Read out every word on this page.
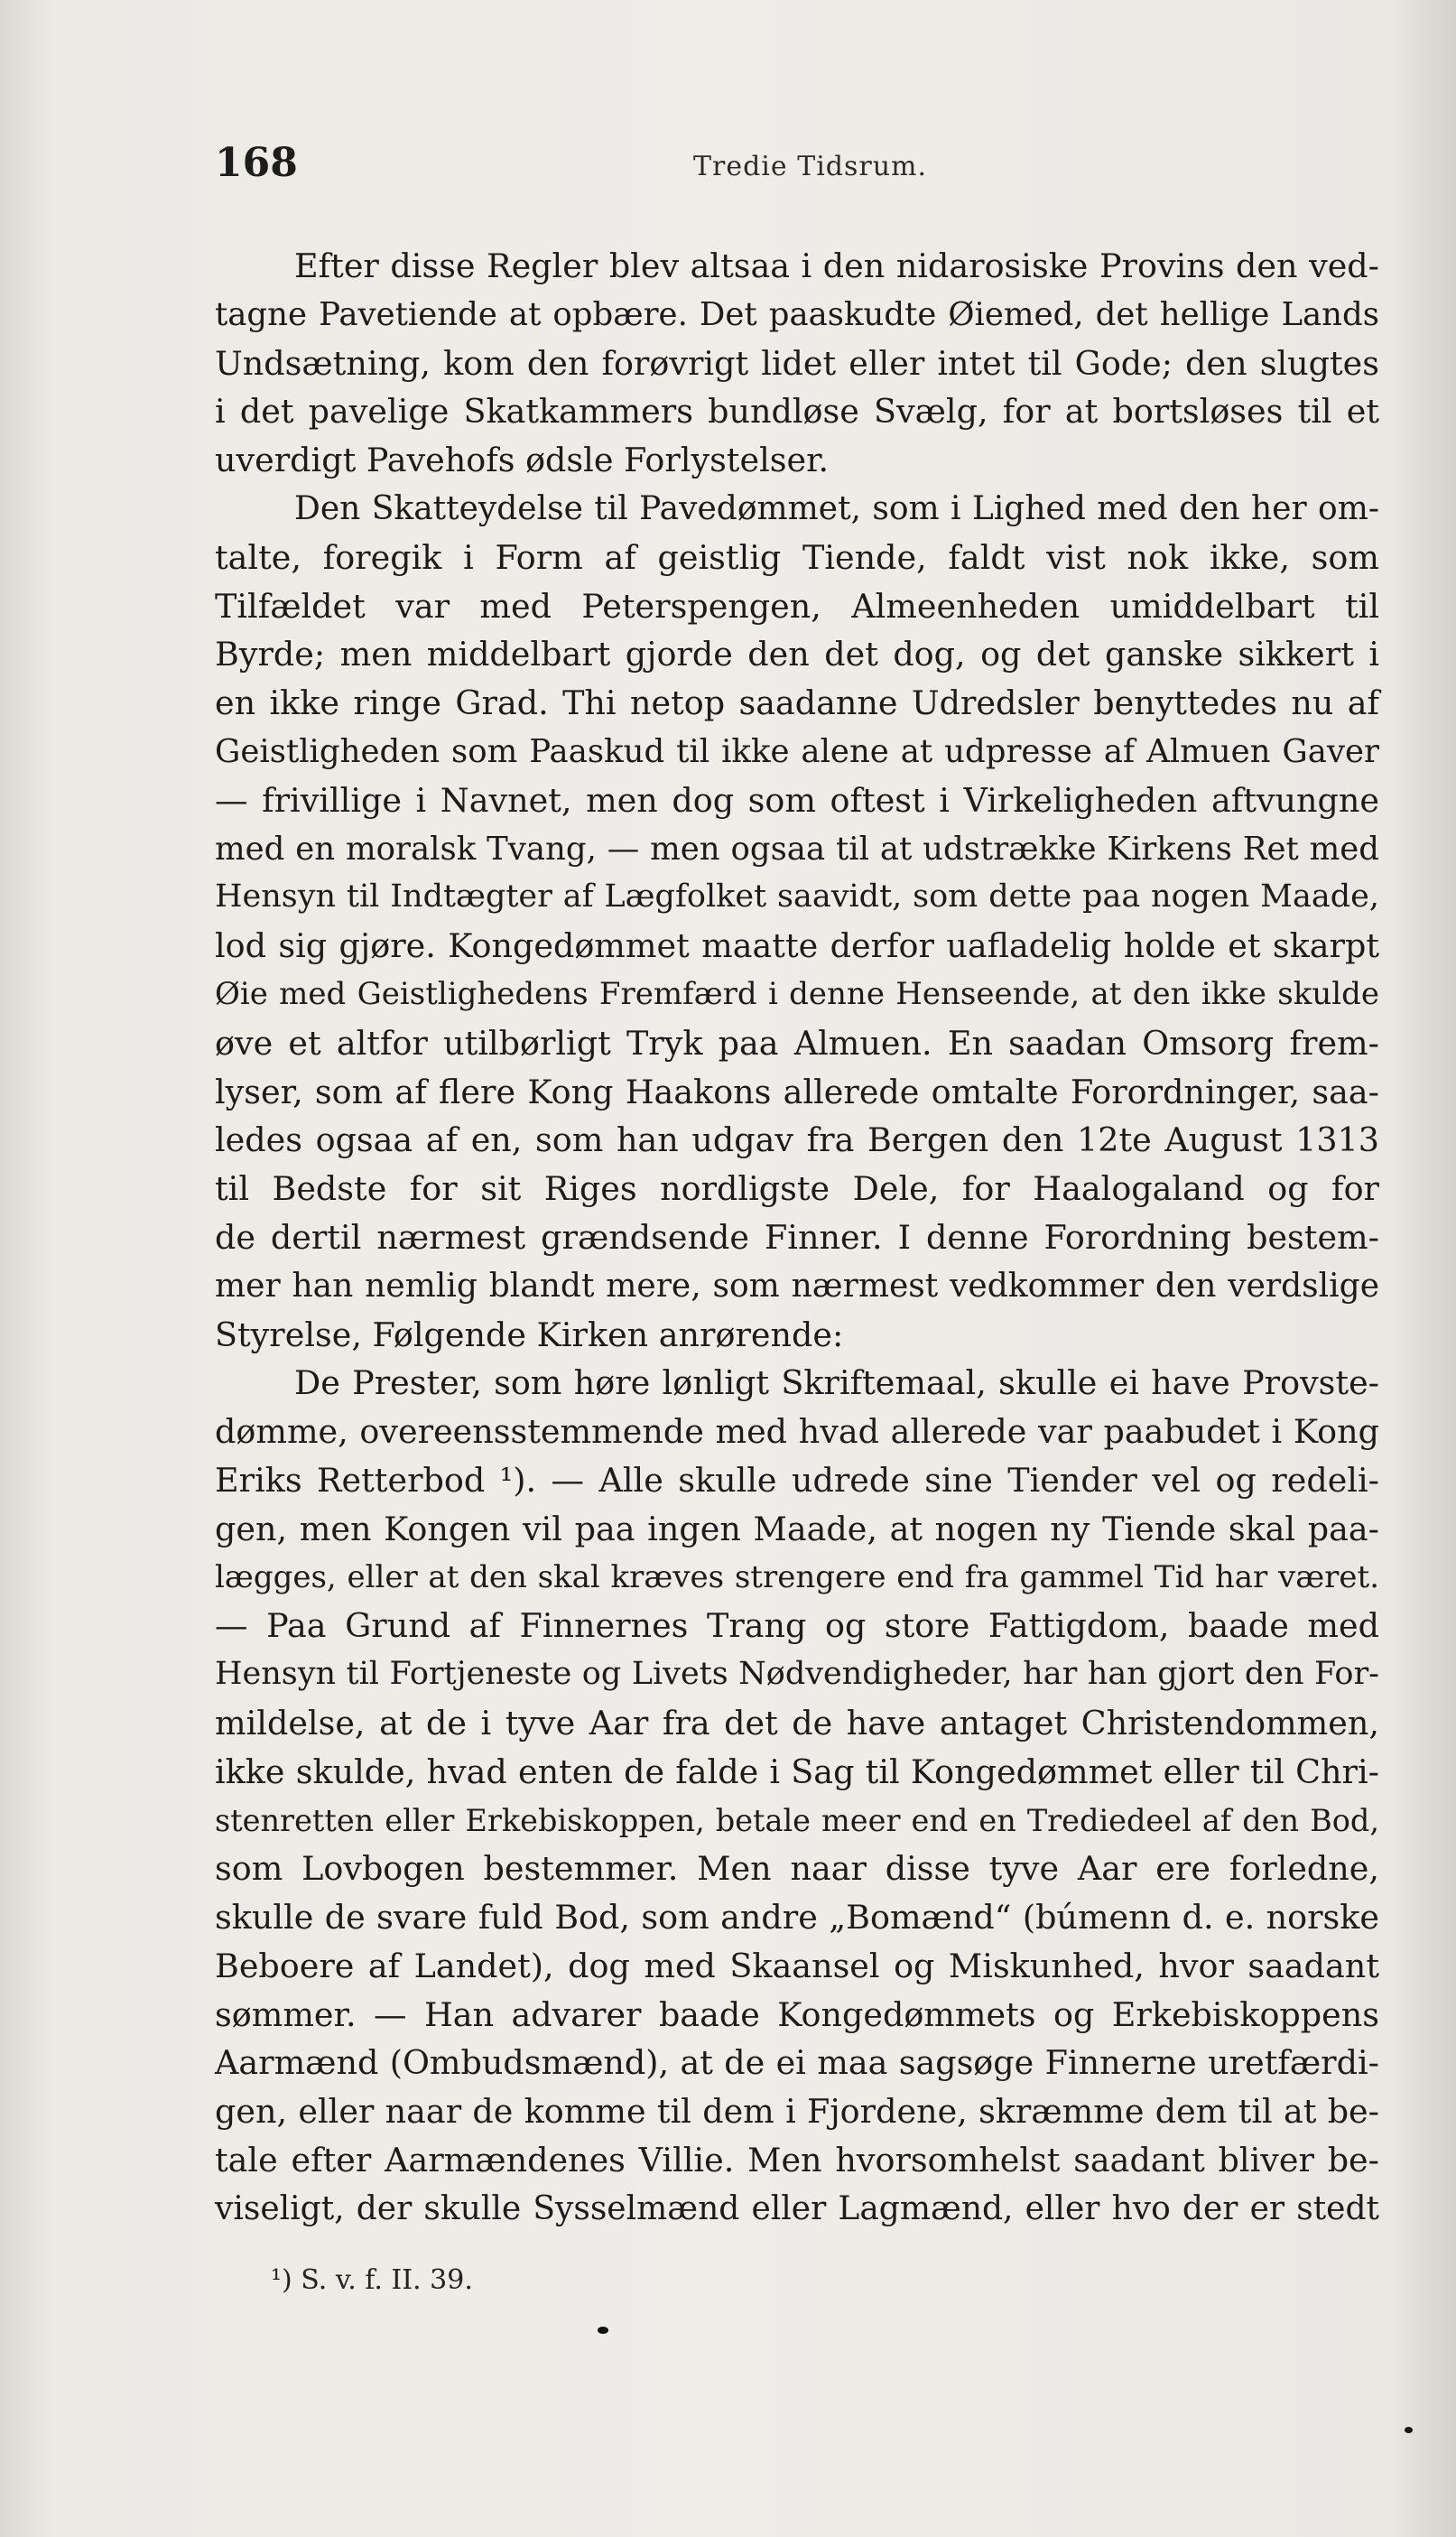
168	Tredie Tidsrum.
Efter disse Regler blev altsaa i den nidarosiske Provins den ved-
tagne Pavetiende at opbære. Det paaskudte Øiemed, det hellige Lands
Undsætning, kom den forøvrigt lidet eller intet til Gode; den slugtes
i det pavelige Skatkammers bundløse Svælg, for at bortsløses til et
uverdigt Pavehofs ødsle Forlystelser.
Den Skatteydelse til Pavedømmet, som i Lighed med den her om-
talte, foregik i Form af geistlig Tiende, faldt vist nok ikke, som
Tilfældet var med Peterspengen, Almeenheden umiddelbart til
Byrde; men middelbart gjorde den det dog, og det ganske sikkert i
en ikke ringe Grad. Thi netop saadanne Udredsler benyttedes nu af
Geistligheden som Paaskud til ikke alene at udpresse af Almuen Gaver
— frivillige i Navnet, men dog som oftest i Virkeligheden aftvungne
med en moralsk Tvang, — men ogsaa til at udstrække Kirkens Ret med
Hensyn til Indtægter af Lægfolket saavidt, som dette paa nogen Maade,
lod sig gjøre. Kongedømmet maatte derfor uafladelig holde et skarpt
Øie med Geistlighedens Fremfærd i denne Henseende, at den ikke skulde
øve et altfor utilbørligt Tryk paa Almuen. En saadan Omsorg frem-
lyser, som af flere Kong Haakons allerede omtalte Forordninger, saa-
ledes ogsaa af en, som han udgav fra Bergen den 12te August 1313
til Bedste for sit Riges nordligste Dele, for Haalogaland og for
de dertil nærmest grændsende Finner. I denne Forordning bestem-
mer han nemlig blandt mere, som nærmest vedkommer den verdslige
Styrelse, Følgende Kirken anrørende:
De Prester, som høre lønligt Skriftemaal, skulle ei have Provste-
dømme, overeensstemmende med hvad allerede var paabudet i Kong
Eriks Retterbod ¹). — Alle skulle udrede sine Tiender vel og redeli-
gen, men Kongen vil paa ingen Maade, at nogen ny Tiende skal paa-
lægges, eller at den skal kræves strengere end fra gammel Tid har været.
— Paa Grund af Finnernes Trang og store Fattigdom, baade med
Hensyn til Fortjeneste og Livets Nødvendigheder, har han gjort den For-
mildelse, at de i tyve Aar fra det de have antaget Christendommen,
ikke skulde, hvad enten de falde i Sag til Kongedømmet eller til Chri-
stenretten eller Erkebiskoppen, betale meer end en Trediedeel af den Bod,
som Lovbogen bestemmer. Men naar disse tyve Aar ere forledne,
skulle de svare fuld Bod, som andre „Bomænd“ (búmenn d. e. norske
Beboere af Landet), dog med Skaansel og Miskunhed, hvor saadant
sømmer. — Han advarer baade Kongedømmets og Erkebiskoppens
Aarmænd (Ombudsmænd), at de ei maa sagsøge Finnerne uretfærdi-
gen, eller naar de komme til dem i Fjordene, skræmme dem til at be-
tale efter Aarmændenes Villie. Men hvorsomhelst saadant bliver be-
viseligt, der skulle Sysselmænd eller Lagmænd, eller hvo der er stedt
¹) S. v. f. II. 39.
